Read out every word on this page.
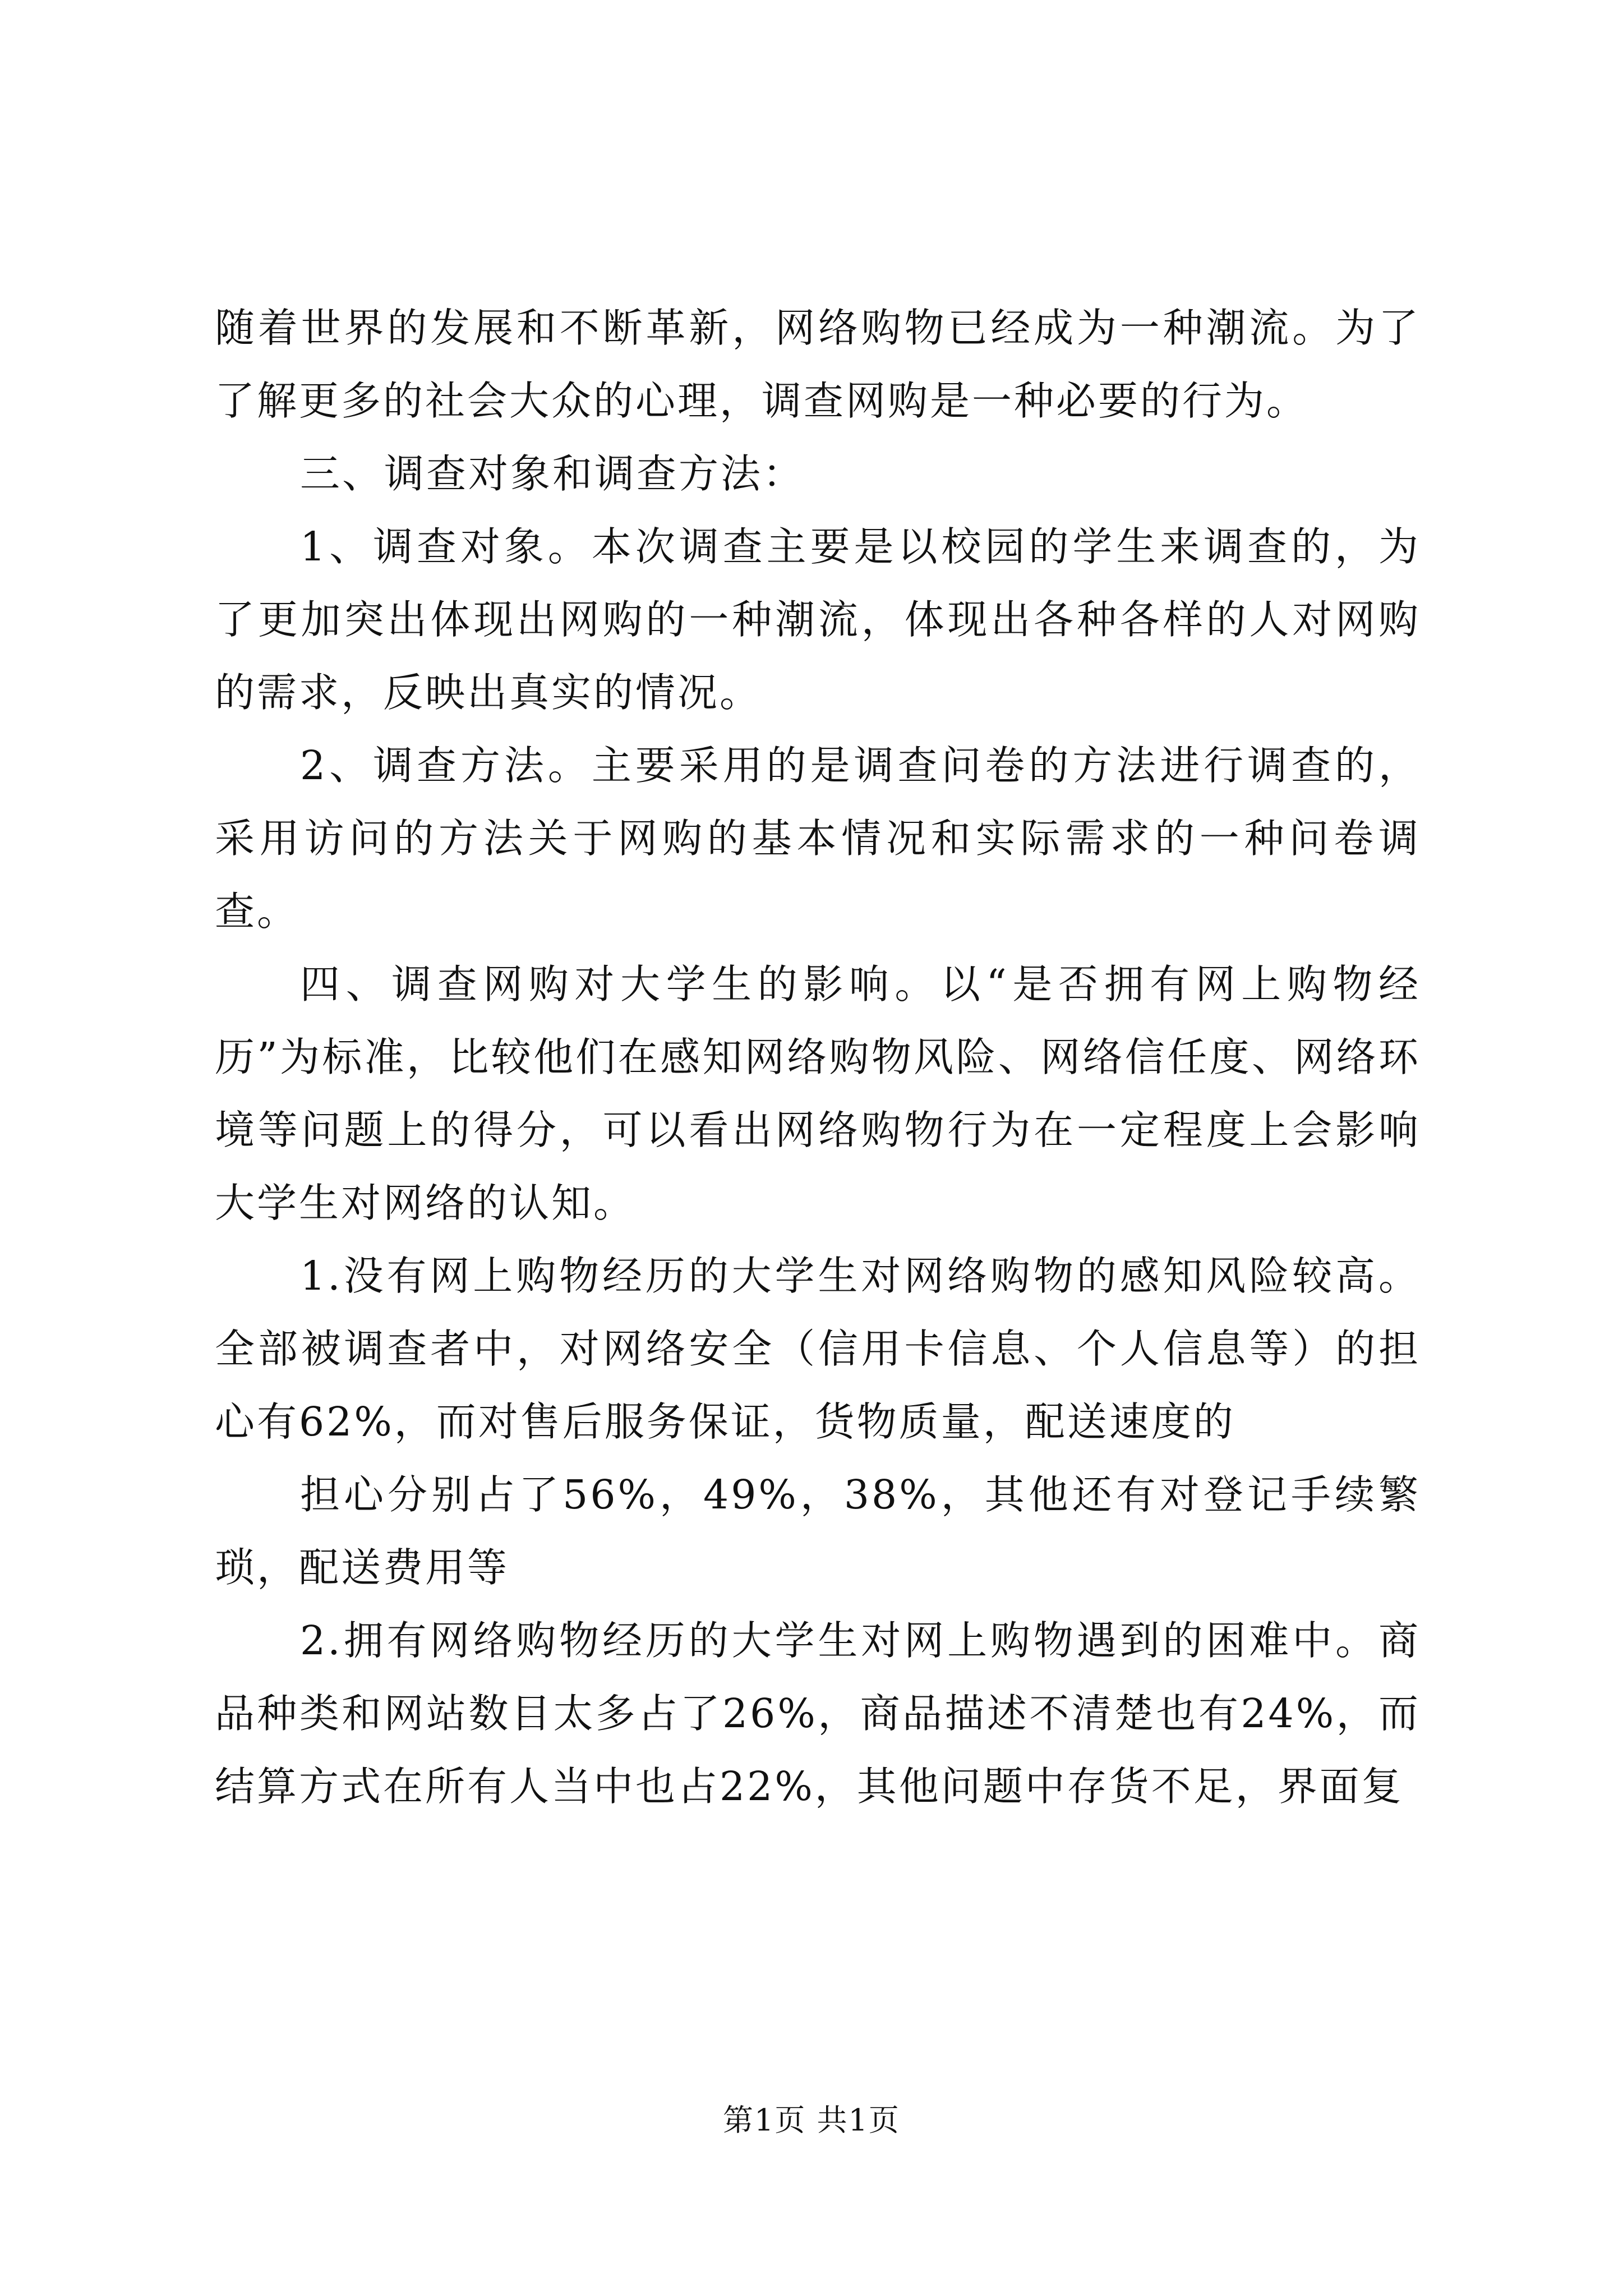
随着世界的发展和不断革新，网络购物已经成为一种潮流。为了了解更多的社会大众的心理，调查网购是一种必要的行为。

三、调查对象和调查方法：

1、调查对象。本次调查主要是以校园的学生来调查的，为了更加突出体现出网购的一种潮流，体现出各种各样的人对网购的需求，反映出真实的情况。

2、调查方法。主要采用的是调查问卷的方法进行调查的，采用访问的方法关于网购的基本情况和实际需求的一种问卷调查。

四、调查网购对大学生的影响。以“是否拥有网上购物经历”为标准，比较他们在感知网络购物风险、网络信任度、网络环境等问题上的得分，可以看出网络购物行为在一定程度上会影响大学生对网络的认知。

1.没有网上购物经历的大学生对网络购物的感知风险较高。全部被调查者中，对网络安全（信用卡信息、个人信息等）的担心有62%，而对售后服务保证，货物质量，配送速度的

担心分别占了56%，49%，38%，其他还有对登记手续繁琐，配送费用等

2.拥有网络购物经历的大学生对网上购物遇到的困难中。商品种类和网站数目太多占了26%，商品描述不清楚也有24%，而结算方式在所有人当中也占22%，其他问题中存货不足，界面复

第1页 共1页
